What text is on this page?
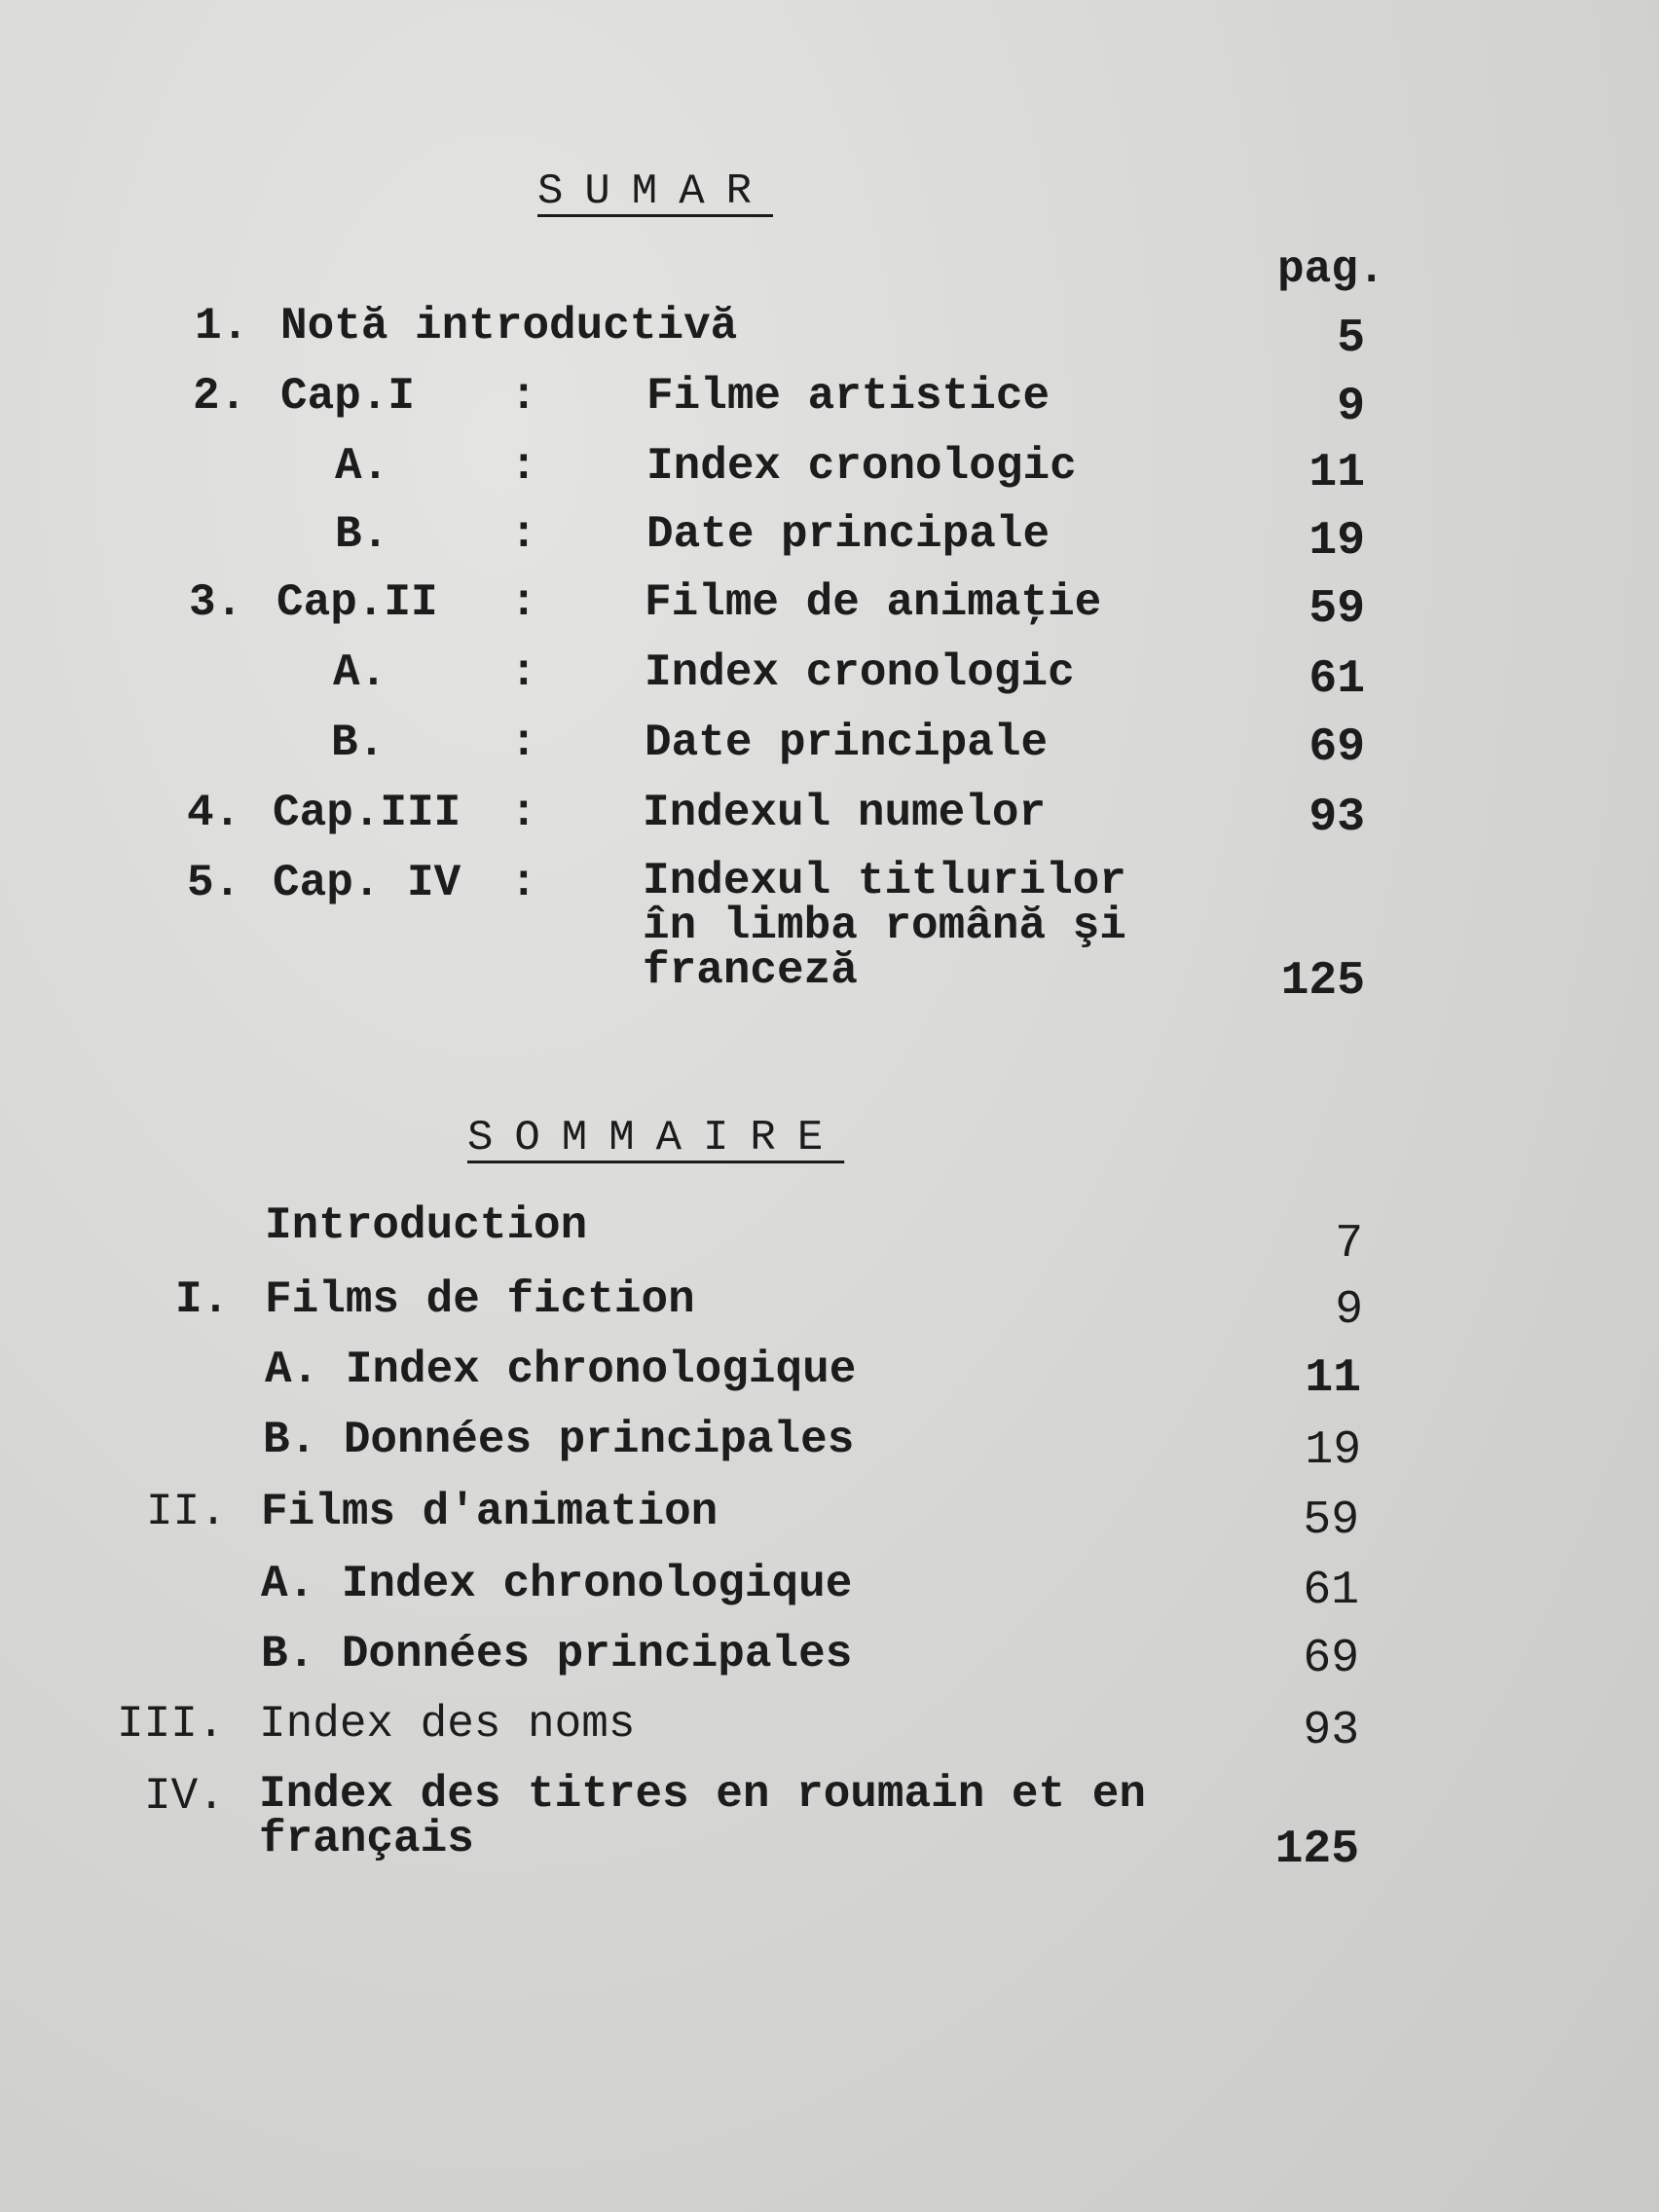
SUMAR
pag.
1. Notă introductivă	5
2. Cap.I : Filme artistice	9
A.	: Index cronologic	11
B.	: Date principale	19
3. Cap.II : Filme de animaţie	59
A.	: Index cronologic	61
B.	: Date principale	69
4. Cap.III : Indexul numelor	93
5. Cap. IV : Indexul titlurilor în limba română şi franceză	125
SOMMAIRE
Introduction	7
I. Films de fiction	9
A. Index chronologique	11
B. Données principales	19
II. Films d'animation	59
A. Index chronologique	61
B. Données principales	69
III. Index des noms	93
IV. Index des titres en roumain et en français	125
